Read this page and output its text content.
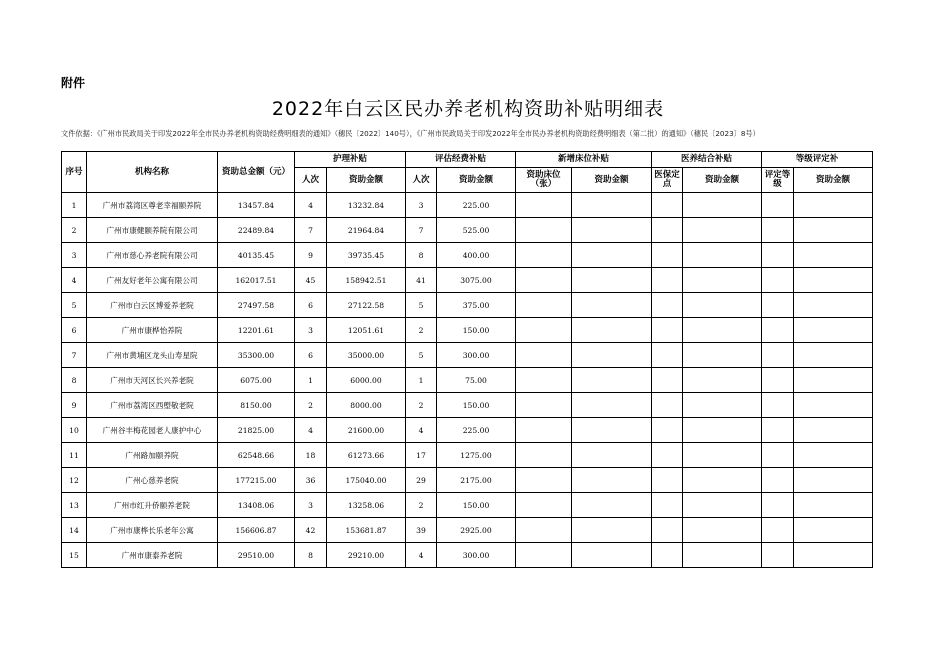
附件
2022年白云区民办养老机构资助补贴明细表
文件依据：《广州市民政局关于印发2022年全市民办养老机构资助经费明细表的通知》（穗民〔2022〕140号），《广州市民政局关于印发2022年全市民办养老机构资助经费明细表（第二批）的通知》（穗民〔2023〕8号）
序号	机构名称	资助总金额（元）	护理补贴		评估经费补贴		新增床位补贴		医养结合补贴		等级评定补	
			人次	资助金额	人次	资助金额	资助床位（张）	资助金额	医保定点	资助金额	评定等级	资助金额
1	广州市荔湾区尊老幸福颐养院	13457.84	4	13232.84	3	225.00						
2	广州市康健颐养院有限公司	22489.84	7	21964.84	7	525.00						
3	广州市慈心养老院有限公司	40135.45	9	39735.45	8	400.00						
4	广州友好老年公寓有限公司	162017.51	45	158942.51	41	3075.00						
5	广州市白云区博爱养老院	27497.58	6	27122.58	5	375.00						
6	广州市康桦怡养院	12201.61	3	12051.61	2	150.00						
7	广州市黄埔区龙头山寿星院	35300.00	6	35000.00	5	300.00						
8	广州市天河区长兴养老院	6075.00	1	6000.00	1	75.00						
9	广州市荔湾区西塱敬老院	8150.00	2	8000.00	2	150.00						
10	广州谷丰梅花园老人康护中心	21825.00	4	21600.00	4	225.00						
11	广州路加颐养院	62548.66	18	61273.66	17	1275.00						
12	广州心慈养老院	177215.00	36	175040.00	29	2175.00						
13	广州市红升侨颐养老院	13408.06	3	13258.06	2	150.00						
14	广州市康桦长乐老年公寓	156606.87	42	153681.87	39	2925.00						
15	广州市康泰养老院	29510.00	8	29210.00	4	300.00						
